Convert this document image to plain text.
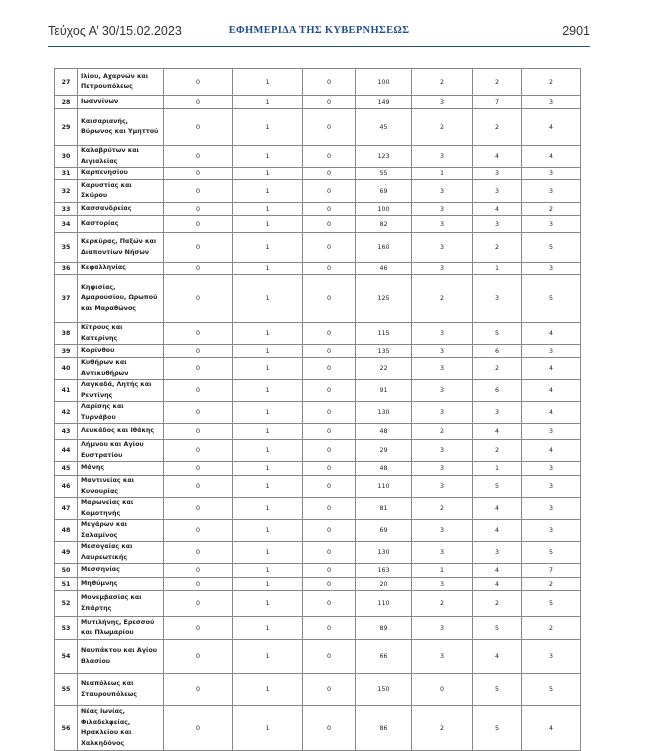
Τεύχος Α’ 30/15.02.2023	ΕΦΗΜΕΡΙΔΑ ΤΗΣ ΚΥΒΕΡΝΗΣΕΩΣ	2901
27	Ιλίου, Αχαρνών και Πετρουπόλεως	0	1	0	100	2	2	2
28	Ιωαννίνων	0	1	0	149	3	7	3
29	Καισαριανής, Βύρωνος και Υμηττού	0	1	0	45	2	2	4
30	Καλαβρύτων και Αιγιαλείας	0	1	0	123	3	4	4
31	Καρπενησίου	0	1	0	55	1	3	3
32	Καρυστίας και Σκύρου	0	1	0	69	3	3	3
33	Κασσανδρείας	0	1	0	100	3	4	2
34	Καστορίας	0	1	0	82	3	3	3
35	Κερκύρας, Παξών και Διαποντίων Νήσων	0	1	0	160	3	2	5
36	Κεφαλληνίας	0	1	0	46	3	1	3
37	Κηφισίας, Αμαρουσίου, Ωρωπού και Μαραθώνος	0	1	0	125	2	3	5
38	Κίτρους και Κατερίνης	0	1	0	115	3	5	4
39	Κορίνθου	0	1	0	135	3	6	3
40	Κυθήρων και Αντικυθήρων	0	1	0	22	3	2	4
41	Λαγκαδά, Λητής και Ρεντίνης	0	1	0	91	3	6	4
42	Λαρίσης και Τυρνάβου	0	1	0	130	3	3	4
43	Λευκάδος και Ιθάκης	0	1	0	48	2	4	3
44	Λήμνου και Αγίου Ευστρατίου	0	1	0	29	3	2	4
45	Μάνης	0	1	0	48	3	1	3
46	Μαντινείας και Κυνουρίας	0	1	0	110	3	5	3
47	Μαρωνείας και Κομοτηνής	0	1	0	81	2	4	3
48	Μεγάρων και Σαλαμίνος	0	1	0	69	3	4	3
49	Μεσογαίας και Λαυρεωτικής	0	1	0	130	3	3	5
50	Μεσσηνίας	0	1	0	163	1	4	7
51	Μηθύμνης	0	1	0	20	3	4	2
52	Μονεμβασίας και Σπάρτης	0	1	0	110	2	2	5
53	Μυτιλήνης, Ερεσσού και Πλωμαρίου	0	1	0	89	3	5	2
54	Ναυπάκτου και Αγίου Βλασίου	0	1	0	66	3	4	3
55	Νεαπόλεως και Σταυρουπόλεως	0	1	0	150	0	5	5
56	Νέας Ιωνίας, Φιλαδελφείας, Ηρακλείου και Χαλκηδόνος	0	1	0	86	2	5	4
